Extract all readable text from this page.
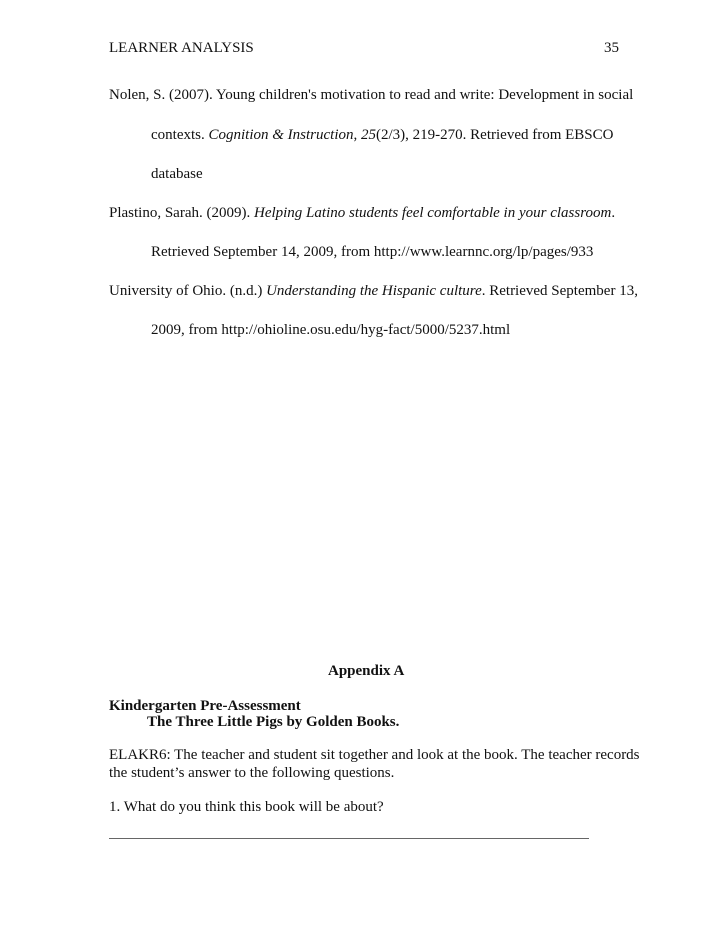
LEARNER ANALYSIS	35
Nolen, S. (2007). Young children's motivation to read and write: Development in social
contexts. Cognition & Instruction, 25(2/3), 219-270. Retrieved from EBSCO
database
Plastino, Sarah. (2009). Helping Latino students feel comfortable in your classroom.
Retrieved September 14, 2009, from http://www.learnnc.org/lp/pages/933
University of Ohio. (n.d.) Understanding the Hispanic culture. Retrieved September 13,
2009, from http://ohioline.osu.edu/hyg-fact/5000/5237.html
Appendix A
Kindergarten Pre-Assessment
The Three Little Pigs by Golden Books.
ELAKR6: The teacher and student sit together and look at the book. The teacher records
the student’s answer to the following questions.
1. What do you think this book will be about?
